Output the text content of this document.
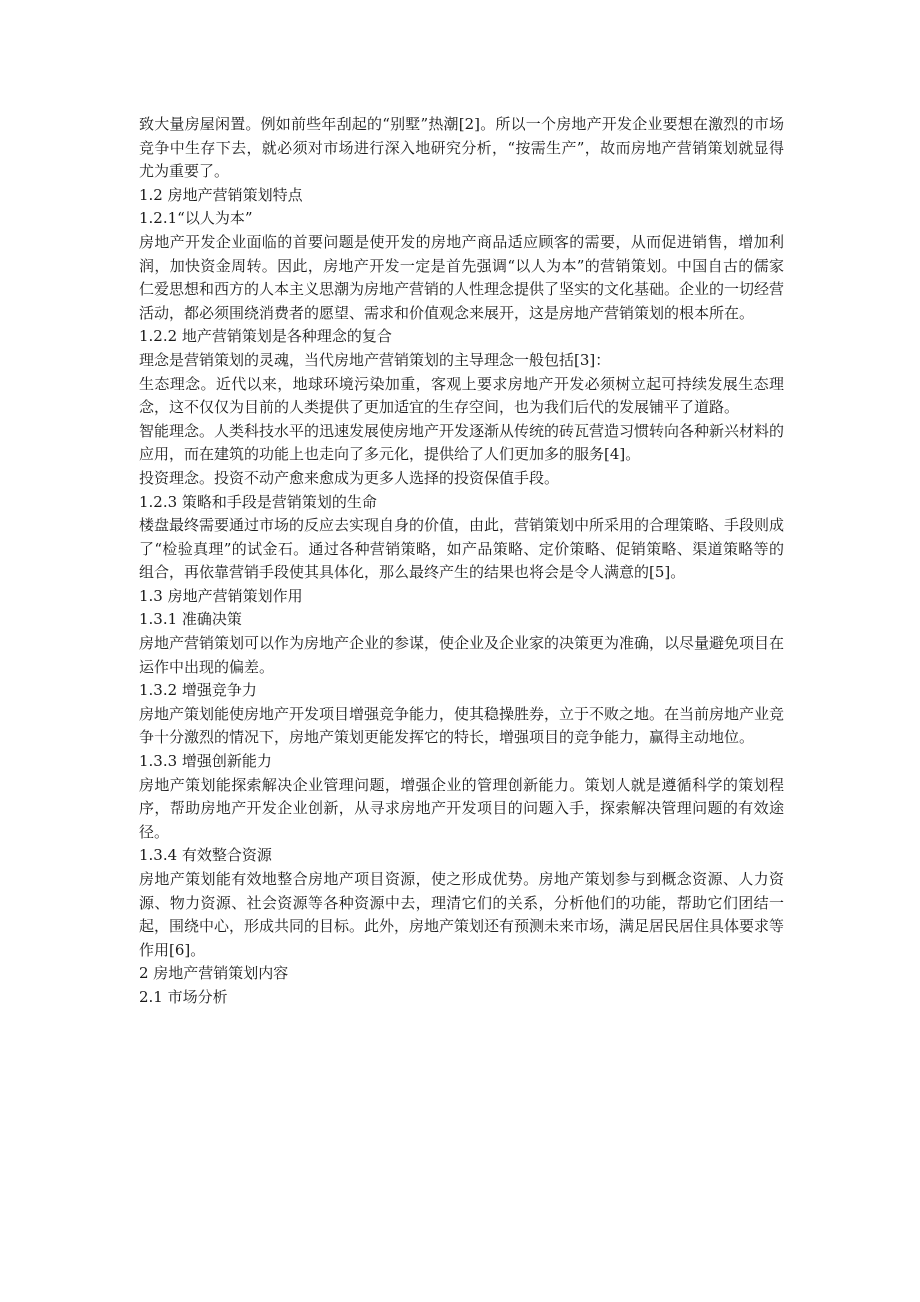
致大量房屋闲置。例如前些年刮起的“别墅”热潮[2]。所以一个房地产开发企业要想在激烈的市场竞争中生存下去，就必须对市场进行深入地研究分析，“按需生产”，故而房地产营销策划就显得尤为重要了。

1.2 房地产营销策划特点

1.2.1“以人为本”

房地产开发企业面临的首要问题是使开发的房地产商品适应顾客的需要，从而促进销售，增加利润，加快资金周转。因此，房地产开发一定是首先强调“以人为本”的营销策划。中国自古的儒家仁爱思想和西方的人本主义思潮为房地产营销的人性理念提供了坚实的文化基础。企业的一切经营活动，都必须围绕消费者的愿望、需求和价值观念来展开，这是房地产营销策划的根本所在。

1.2.2 地产营销策划是各种理念的复合

理念是营销策划的灵魂，当代房地产营销策划的主导理念一般包括[3]：

生态理念。近代以来，地球环境污染加重，客观上要求房地产开发必须树立起可持续发展生态理念，这不仅仅为目前的人类提供了更加适宜的生存空间，也为我们后代的发展铺平了道路。

智能理念。人类科技水平的迅速发展使房地产开发逐渐从传统的砖瓦营造习惯转向各种新兴材料的应用，而在建筑的功能上也走向了多元化，提供给了人们更加多的服务[4]。

投资理念。投资不动产愈来愈成为更多人选择的投资保值手段。

1.2.3 策略和手段是营销策划的生命

楼盘最终需要通过市场的反应去实现自身的价值，由此，营销策划中所采用的合理策略、手段则成了“检验真理”的试金石。通过各种营销策略，如产品策略、定价策略、促销策略、渠道策略等的组合，再依靠营销手段使其具体化，那么最终产生的结果也将会是令人满意的[5]。

1.3 房地产营销策划作用

1.3.1 准确决策

房地产营销策划可以作为房地产企业的参谋，使企业及企业家的决策更为准确，以尽量避免项目在运作中出现的偏差。

1.3.2 增强竞争力

房地产策划能使房地产开发项目增强竞争能力，使其稳操胜券，立于不败之地。在当前房地产业竞争十分激烈的情况下，房地产策划更能发挥它的特长，增强项目的竞争能力，赢得主动地位。

1.3.3 增强创新能力

房地产策划能探索解决企业管理问题，增强企业的管理创新能力。策划人就是遵循科学的策划程序，帮助房地产开发企业创新，从寻求房地产开发项目的问题入手，探索解决管理问题的有效途径。

1.3.4 有效整合资源

房地产策划能有效地整合房地产项目资源，使之形成优势。房地产策划参与到概念资源、人力资源、物力资源、社会资源等各种资源中去，理清它们的关系，分析他们的功能，帮助它们团结一起，围绕中心，形成共同的目标。此外，房地产策划还有预测未来市场，满足居民居住具体要求等作用[6]。

2 房地产营销策划内容

2.1 市场分析
